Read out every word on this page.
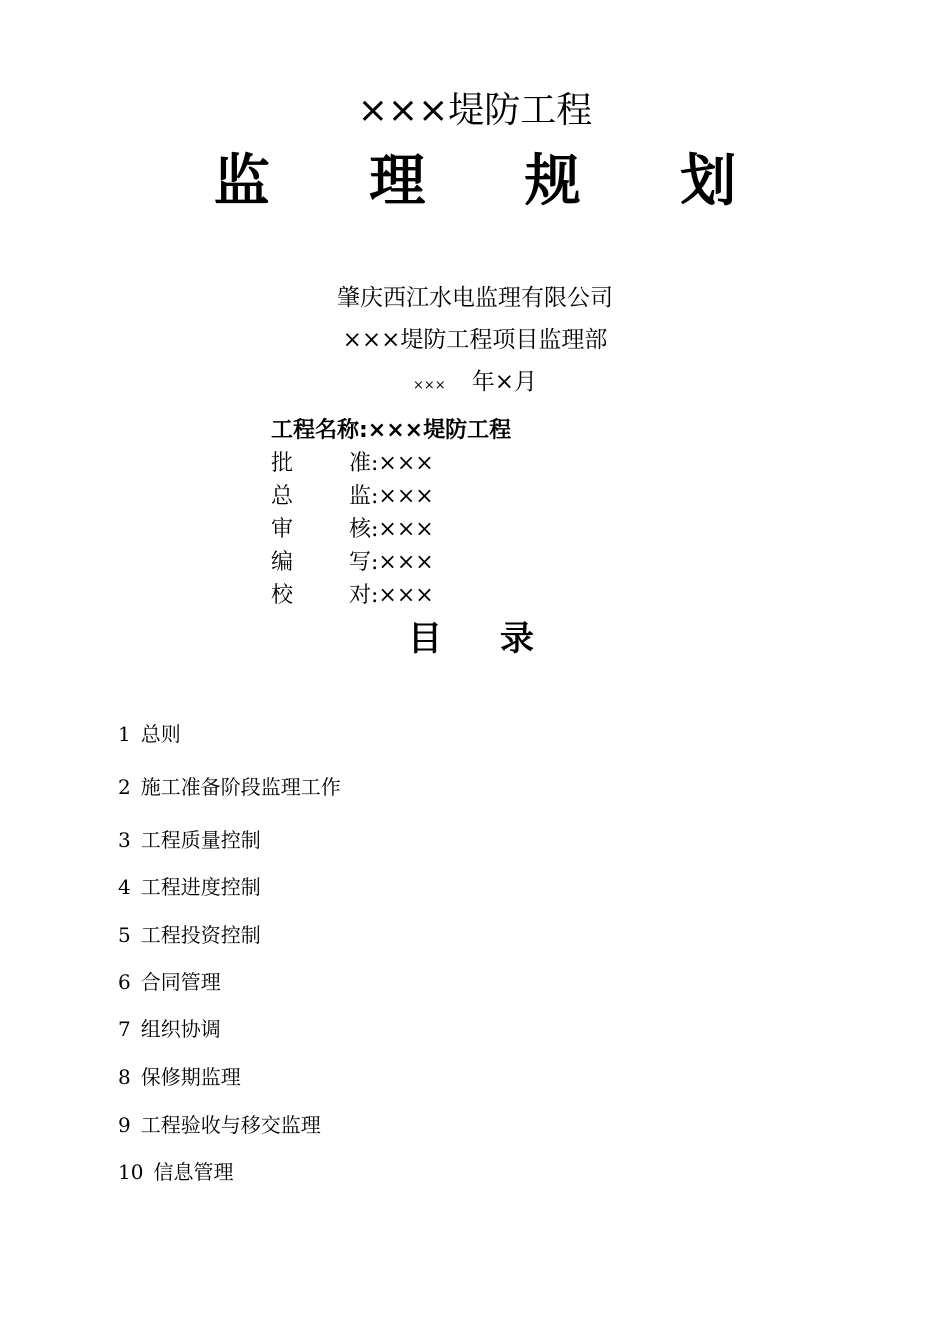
×××堤防工程
监 理 规 划
肇庆西江水电监理有限公司
×××堤防工程项目监理部
××× 年×月
工程名称:×××堤防工程
批	准:×××
总	监:×××
审	核:×××
编	写:×××
校	对:×××
目录
1 总则
2 施工准备阶段监理工作
3 工程质量控制
4 工程进度控制
5 工程投资控制
6 合同管理
7 组织协调
8 保修期监理
9 工程验收与移交监理
10 信息管理
